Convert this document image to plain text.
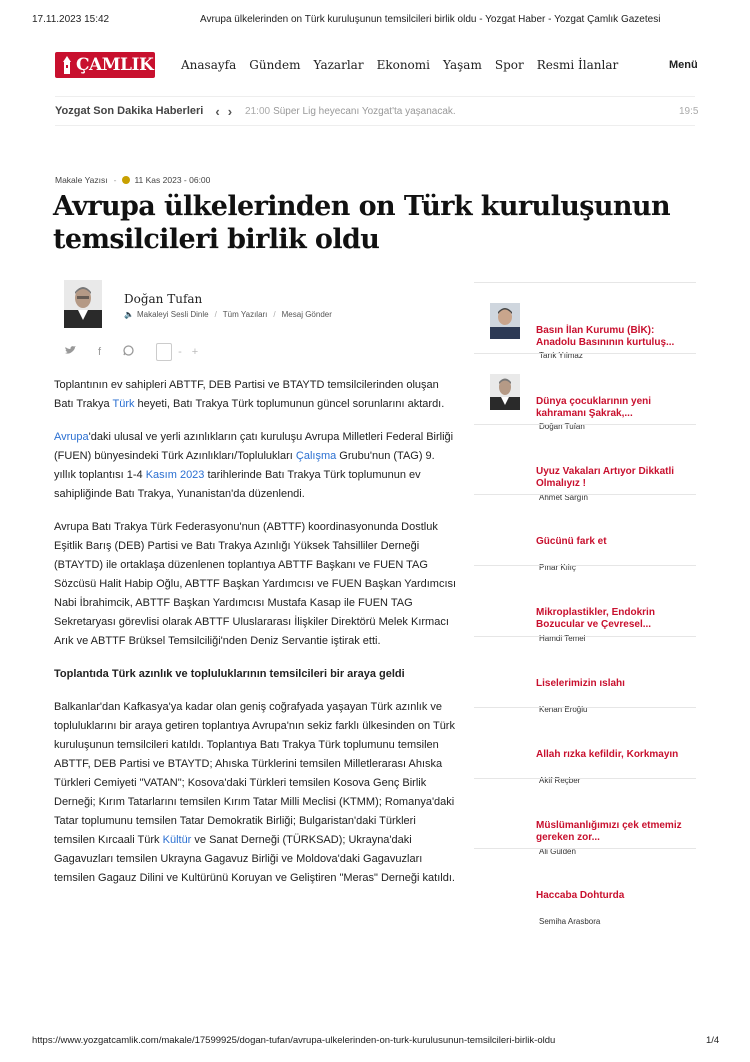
17.11.2023 15:42	Avrupa ülkelerinden on Türk kuruluşunun temsilcileri birlik oldu - Yozgat Haber - Yozgat Çamlık Gazetesi
ÇAMLIK Anasayfa Gündem Yazarlar Ekonomi Yaşam Spor Resmi İlanlar	Menü
Yozgat Son Dakika Haberleri ‹ › 21:00 Süper Lig heyecanı Yozgat'ta yaşanacak.	19:5
Makale Yazısı - 11 Kas 2023 - 06:00
Avrupa ülkelerinden on Türk kuruluşunun temsilcileri birlik oldu
Doğan Tufan
🔈 Makaleyi Sesli Dinle / Tüm Yazıları / Mesaj Gönder
f	- +

Toplantının ev sahipleri ABTTF, DEB Partisi ve BTAYTD temsilcilerinden oluşan Batı Trakya Türk heyeti, Batı Trakya Türk toplumunun güncel sorunlarını aktardı.

Avrupa'daki ulusal ve yerli azınlıkların çatı kuruluşu Avrupa Milletleri Federal Birliği (FUEN) bünyesindeki Türk Azınlıkları/Toplulukları Çalışma Grubu'nun (TAG) 9. yıllık toplantısı 1-4 Kasım 2023 tarihlerinde Batı Trakya Türk toplumunun ev sahipliğinde Batı Trakya, Yunanistan'da düzenlendi.

Avrupa Batı Trakya Türk Federasyonu'nun (ABTTF) koordinasyonunda Dostluk Eşitlik Barış (DEB) Partisi ve Batı Trakya Azınlığı Yüksek Tahsilliler Derneği (BTAYTD) ile ortaklaşa düzenlenen toplantıya ABTTF Başkanı ve FUEN TAG Sözcüsü Halit Habip Oğlu, ABTTF Başkan Yardımcısı ve FUEN Başkan Yardımcısı Nabi İbrahimcik, ABTTF Başkan Yardımcısı Mustafa Kasap ile FUEN TAG Sekretaryası görevlisi olarak ABTTF Uluslararası İlişkiler Direktörü Melek Kırmacı Arık ve ABTTF Brüksel Temsilciliği'nden Deniz Servantie iştirak etti.

Toplantıda Türk azınlık ve topluluklarının temsilcileri bir araya geldi

Balkanlar'dan Kafkasya'ya kadar olan geniş coğrafyada yaşayan Türk azınlık ve topluluklarını bir araya getiren toplantıya Avrupa'nın sekiz farklı ülkesinden on Türk kuruluşunun temsilcileri katıldı. Toplantıya Batı Trakya Türk toplumunu temsilen ABTTF, DEB Partisi ve BTAYTD; Ahıska Türklerini temsilen Milletlerarası Ahıska Türkleri Cemiyeti "VATAN"; Kosova'daki Türkleri temsilen Kosova Genç Birlik Derneği; Kırım Tatarlarını temsilen Kırım Tatar Milli Meclisi (KTMM); Romanya'daki Tatar toplumunu temsilen Tatar Demokratik Birliği; Bulgaristan'daki Türkleri temsilen Kırcaali Türk Kültür ve Sanat Derneği (TÜRKSAD); Ukrayna'daki Gagavuzları temsilen Ukrayna Gagavuz Birliği ve Moldova'daki Gagavuzları temsilen Gagauz Dilini ve Kultürünü Koruyan ve Geliştiren "Meras" Derneği katıldı.

Basın İlan Kurumu (BİK): Anadolu Basınının kurtuluş...
Tarık Yılmaz
Dünya çocuklarının yeni kahramanı Şakrak,...
Doğan Tufan
Uyuz Vakaları Artıyor Dikkatli Olmalıyız !
Ahmet Sargın
Gücünü fark et
Pınar Kılıç
Mikroplastikler, Endokrin Bozucular ve Çevresel...
Hamdi Temel
Liselerimizin ıslahı
Kenan Eroğlu
Allah rızka kefildir, Korkmayın
Akif Reçber
Müslümanlığımızı çek etmemiz gereken zor...
Ali Gülden
Haccaba Dohturda
Semiha Arasbora
https://www.yozgatcamlik.com/makale/17599925/dogan-tufan/avrupa-ulkelerinden-on-turk-kurulusunun-temsilcileri-birlik-oldu	1/4
